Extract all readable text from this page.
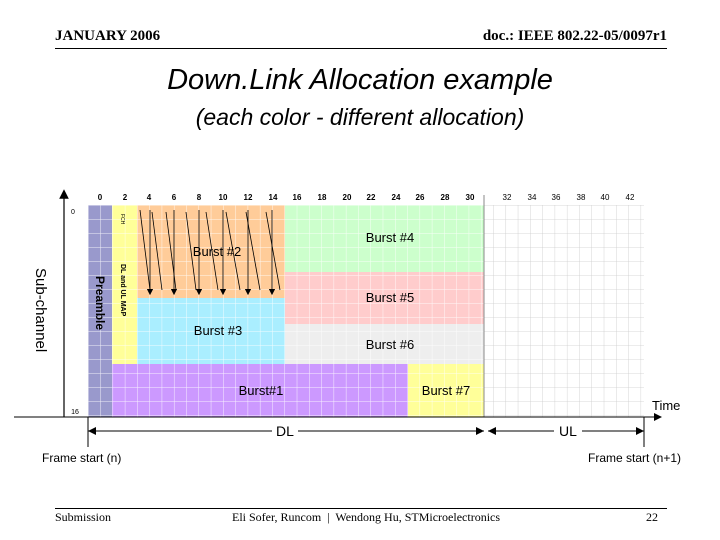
JANUARY 2006	doc.: IEEE 802.22-05/0097r1
Down.Link Allocation example
(each color - different allocation)
0	2 4	6	8 10 12 14 16 18 20 22 24 26 28 30	32 34 36 38 40 42
0
16
Sub-channel
Time
Preamble DL and UL MAP
FCH
Burst #2
Burst #4
Burst #5
Burst #3
Burst #6
Burst#1	Burst #7
DL	UL
Frame start (n)	Frame start (n+1)
Submission	Eli Sofer, Runcom  |  Wendong Hu, STMicroelectronics	22
